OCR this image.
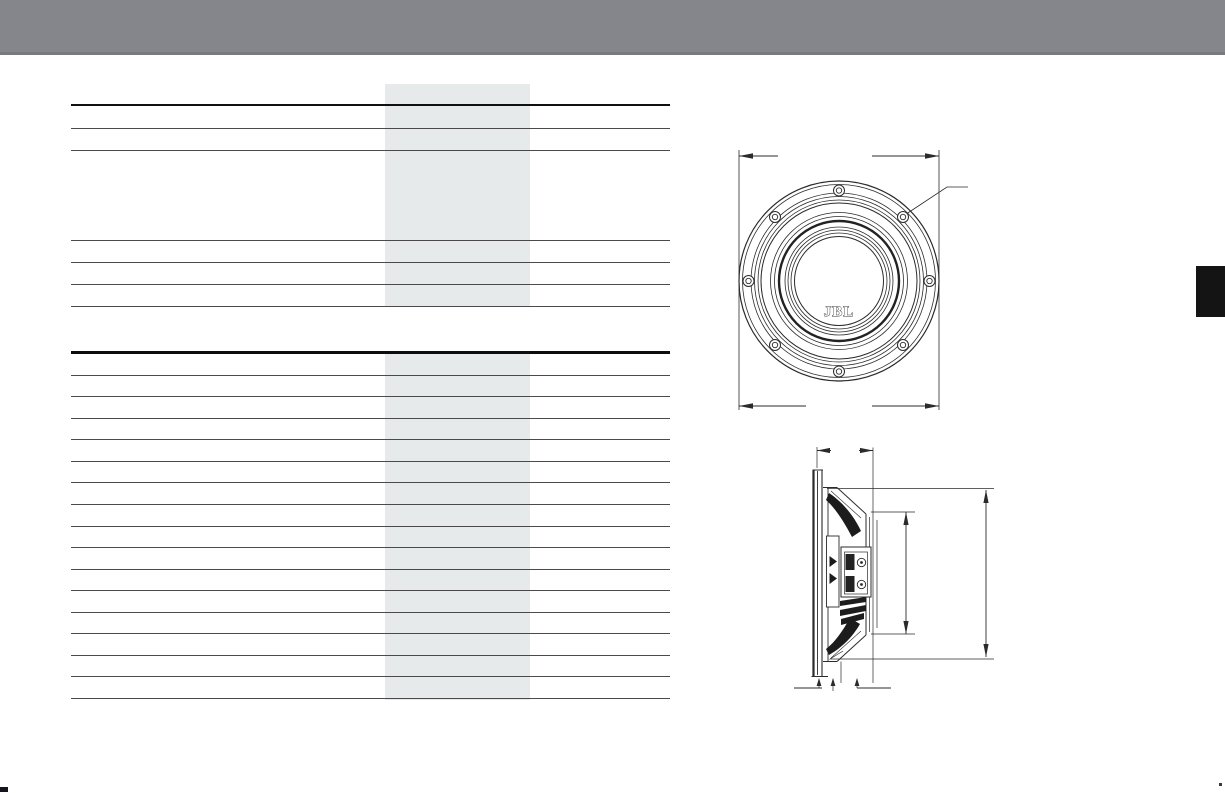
JBL
